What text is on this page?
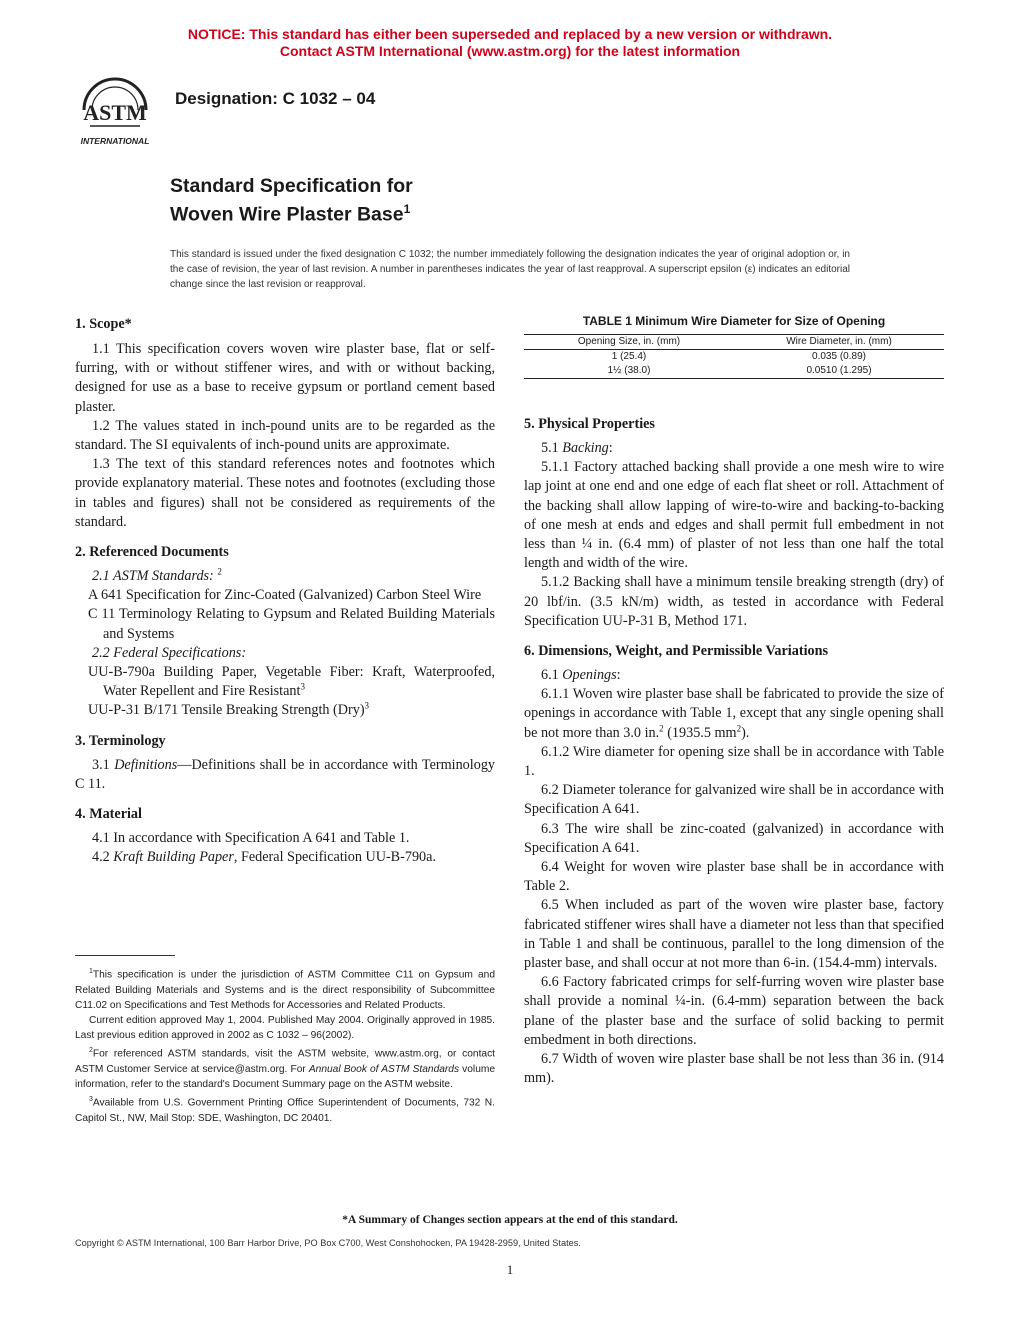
NOTICE: This standard has either been superseded and replaced by a new version or withdrawn.
Contact ASTM International (www.astm.org) for the latest information
ASTM
INTERNATIONAL
Designation: C 1032 – 04
Standard Specification for
Woven Wire Plaster Base$^1$
This standard is issued under the fixed designation C 1032; the number immediately following the designation indicates the year of original adoption or, in the case of revision, the year of last revision. A number in parentheses indicates the year of last reapproval. A superscript epsilon (ε) indicates an editorial change since the last revision or reapproval.
1. Scope*

1.1 This specification covers woven wire plaster base, flat or self-furring, with or without stiffener wires, and with or without backing, designed for use as a base to receive gypsum or portland cement based plaster.

1.2 The values stated in inch-pound units are to be regarded as the standard. The SI equivalents of inch-pound units are approximate.

1.3 The text of this standard references notes and footnotes which provide explanatory material. These notes and footnotes (excluding those in tables and figures) shall not be considered as requirements of the standard.

2. Referenced Documents

2.1 ASTM Standards: $^2$

A 641 Specification for Zinc-Coated (Galvanized) Carbon Steel Wire

C 11 Terminology Relating to Gypsum and Related Building Materials and Systems

2.2 Federal Specifications:

UU-B-790a Building Paper, Vegetable Fiber: Kraft, Waterproofed, Water Repellent and Fire Resistant$^3$

UU-P-31 B/171 Tensile Breaking Strength (Dry)$^3$

3. Terminology

3.1 Definitions—Definitions shall be in accordance with Terminology C 11.

4. Material

4.1 In accordance with Specification A 641 and Table 1.

4.2 Kraft Building Paper, Federal Specification UU-B-790a.

TABLE 1 Minimum Wire Diameter for Size of Opening
Opening Size, in. (mm)	Wire Diameter, in. (mm)
1 (25.4)	0.035 (0.89)
1½ (38.0)	0.0510 (1.295)
5. Physical Properties

5.1 Backing:

5.1.1 Factory attached backing shall provide a one mesh wire to wire lap joint at one end and one edge of each flat sheet or roll. Attachment of the backing shall allow lapping of wire-to-wire and backing-to-backing of one mesh at ends and edges and shall permit full embedment in not less than ¼ in. (6.4 mm) of plaster of not less than one half the total length and width of the wire.

5.1.2 Backing shall have a minimum tensile breaking strength (dry) of 20 lbf/in. (3.5 kN/m) width, as tested in accordance with Federal Specification UU-P-31 B, Method 171.

6. Dimensions, Weight, and Permissible Variations

6.1 Openings:

6.1.1 Woven wire plaster base shall be fabricated to provide the size of openings in accordance with Table 1, except that any single opening shall be not more than 3.0 in.$^2$ (1935.5 $mm^2$).

6.1.2 Wire diameter for opening size shall be in accordance with Table 1.

6.2 Diameter tolerance for galvanized wire shall be in accordance with Specification A 641.

6.3 The wire shall be zinc-coated (galvanized) in accordance with Specification A 641.

6.4 Weight for woven wire plaster base shall be in accordance with Table 2.

6.5 When included as part of the woven wire plaster base, factory fabricated stiffener wires shall have a diameter not less than that specified in Table 1 and shall be continuous, parallel to the long dimension of the plaster base, and shall occur at not more than 6-in. (154.4-mm) intervals.

6.6 Factory fabricated crimps for self-furring woven wire plaster base shall provide a nominal ¼-in. (6.4-mm) separation between the back plane of the plaster base and the surface of solid backing to permit embedment in both directions.

6.7 Width of woven wire plaster base shall be not less than 36 in. (914 mm).

$^1$This specification is under the jurisdiction of ASTM Committee C11 on Gypsum and Related Building Materials and Systems and is the direct responsibility of Subcommittee C11.02 on Specifications and Test Methods for Accessories and Related Products.

Current edition approved May 1, 2004. Published May 2004. Originally approved in 1985. Last previous edition approved in 2002 as C 1032 – 96(2002).

$^2$For referenced ASTM standards, visit the ASTM website, www.astm.org, or contact ASTM Customer Service at service@astm.org. For Annual Book of ASTM Standards volume information, refer to the standard's Document Summary page on the ASTM website.

$^3$Available from U.S. Government Printing Office Superintendent of Documents, 732 N. Capitol St., NW, Mail Stop: SDE, Washington, DC 20401.

*A Summary of Changes section appears at the end of this standard.
Copyright © ASTM International, 100 Barr Harbor Drive, PO Box C700, West Conshohocken, PA 19428-2959, United States.
1
